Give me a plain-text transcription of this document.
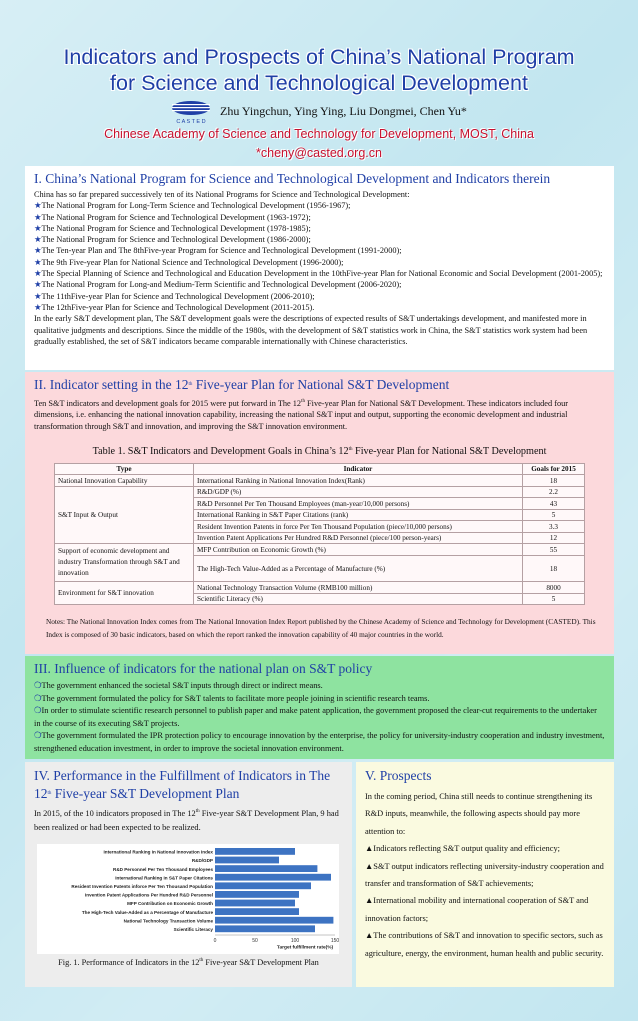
Indicators and Prospects of China’s National Program
for Science and Technological Development
C A S T E D
Zhu Yingchun, Ying Ying, Liu Dongmei, Chen Yu*
Chinese Academy of Science and Technology for Development, MOST, China
*cheny@casted.org.cn
I. China’s National Program for Science and Technological Development and Indicators therein
China has so far prepared successively ten of its National Programs for Science and Technological Development:
★The National Program for Long-Term Science and Technological Development (1956-1967);
★The National Program for Science and Technological Development (1963-1972);
★The National Program for Science and Technological Development (1978-1985);
★The National Program for Science and Technological Development (1986-2000);
★The Ten-year Plan and The 8thFive-year Program for Science and Technological Development (1991-2000);
★The 9th Five-year Plan for National Science and Technological Development (1996-2000);
★The Special Planning of Science and Technological and Education Development in the 10thFive-year Plan for National Economic and Social Development (2001-2005);
★The National Program for Long-and Medium-Term Scientific and Technological Development (2006-2020);
★The 11thFive-year Plan for Science and Technological Development (2006-2010);
★The 12thFive-year Plan for Science and Technological Development (2011-2015).
In the early S&T development plan, The S&T development goals were the descriptions of expected results of S&T undertakings development, and manifested more in qualitative judgments and descriptions. Since the middle of the 1980s, with the development of S&T statistics work in China, the S&T statistics work system had been gradually established, the set of S&T indicators became comparable internationally with Chinese characteristics.
II. Indicator setting in the 12th Five-year Plan for National S&T Development
Ten S&T indicators and development goals for 2015 were put forward in The 12th Five-year Plan for National S&T Development. These indicators included four dimensions, i.e. enhancing the national innovation capability, increasing the national S&T input and output, supporting the economic development and industrial transformation through S&T and innovation, and improving the S&T innovation environment.
Table 1. S&T Indicators and Development Goals in China’s 12th Five-year Plan for National S&T Development
Type	Indicator	Goals for 2015
National Innovation Capability	International Ranking in National Innovation Index(Rank)	18
S&T Input & Output	R&D/GDP (%)	2.2
	R&D Personnel Per Ten Thousand Employees (man-year/10,000 persons)	43
	International Ranking in S&T Paper Citations (rank)	5
	Resident Invention Patents in force Per Ten Thousand Population (piece/10,000 persons)	3.3
	Invention Patent Applications Per Hundred R&D Personnel (piece/100 person-years)	12
Support of economic development and industry Transformation through S&T and innovation	MFP Contribution on Economic Growth (%)	55
	The High-Tech Value-Added as a Percentage of Manufacture (%)	18
Environment for S&T innovation	National Technology Transaction Volume (RMB100 million)	8000
	Scientific Literacy (%)	5
Notes: The National Innovation Index comes from The National Innovation Index Report published by the Chinese Academy of Science and Technology for Development (CASTED). This Index is composed of 30 basic indicators, based on which the report ranked the innovation capability of 40 major countries in the world.
III. Influence of indicators for the national plan on S&T policy
❍The government enhanced the societal S&T inputs through direct or indirect means.
❍The government formulated the policy for S&T talents to facilitate more people joining in scientific research teams.
❍In order to stimulate scientific research personnel to publish paper and make patent application, the government proposed the clear-cut requirements to the undertaker in the course of its executing S&T projects.
❍The government formulated the IPR protection policy to encourage innovation by the enterprise, the policy for university-industry cooperation and industry investment, strengthened education investment, in order to improve the societal innovation environment.
IV. Performance in the Fulfillment of Indicators in The 12th Five-year S&T Development Plan
In 2015, of the 10 indicators proposed in The 12th Five-year S&T Development Plan, 9 had been realized or had been expected to be realized.
International Ranking in National Innovation Index
R&D/GDP
R&D Personnel Per Ten Thousand Employees
International Ranking in S&T Paper Citations
Resident Invention Patents inforce Per Ten Thousand Population
Invention Patent Applications Per Hundred R&D Personnel
MFP Contribution on Economic Growth
The High-Tech Value-Added as a Percentage of Manufacture
National Technology Transaction Volume
Scientific Literacy
0	50	100	150
Target fulfillment rate(%)
Fig. 1. Performance of Indicators in the 12th Five-year S&T Development Plan
V. Prospects
In the coming period, China still needs to continue strengthening its R&D inputs, meanwhile, the following aspects should pay more attention to:
▲Indicators reflecting S&T output quality and efficiency;
▲S&T output indicators reflecting university-industry cooperation and transfer and transformation of S&T achievements;
▲International mobility and international cooperation of S&T and innovation factors;
▲The contributions of S&T and innovation to specific sectors, such as agriculture, energy, the environment, human health and public security.
